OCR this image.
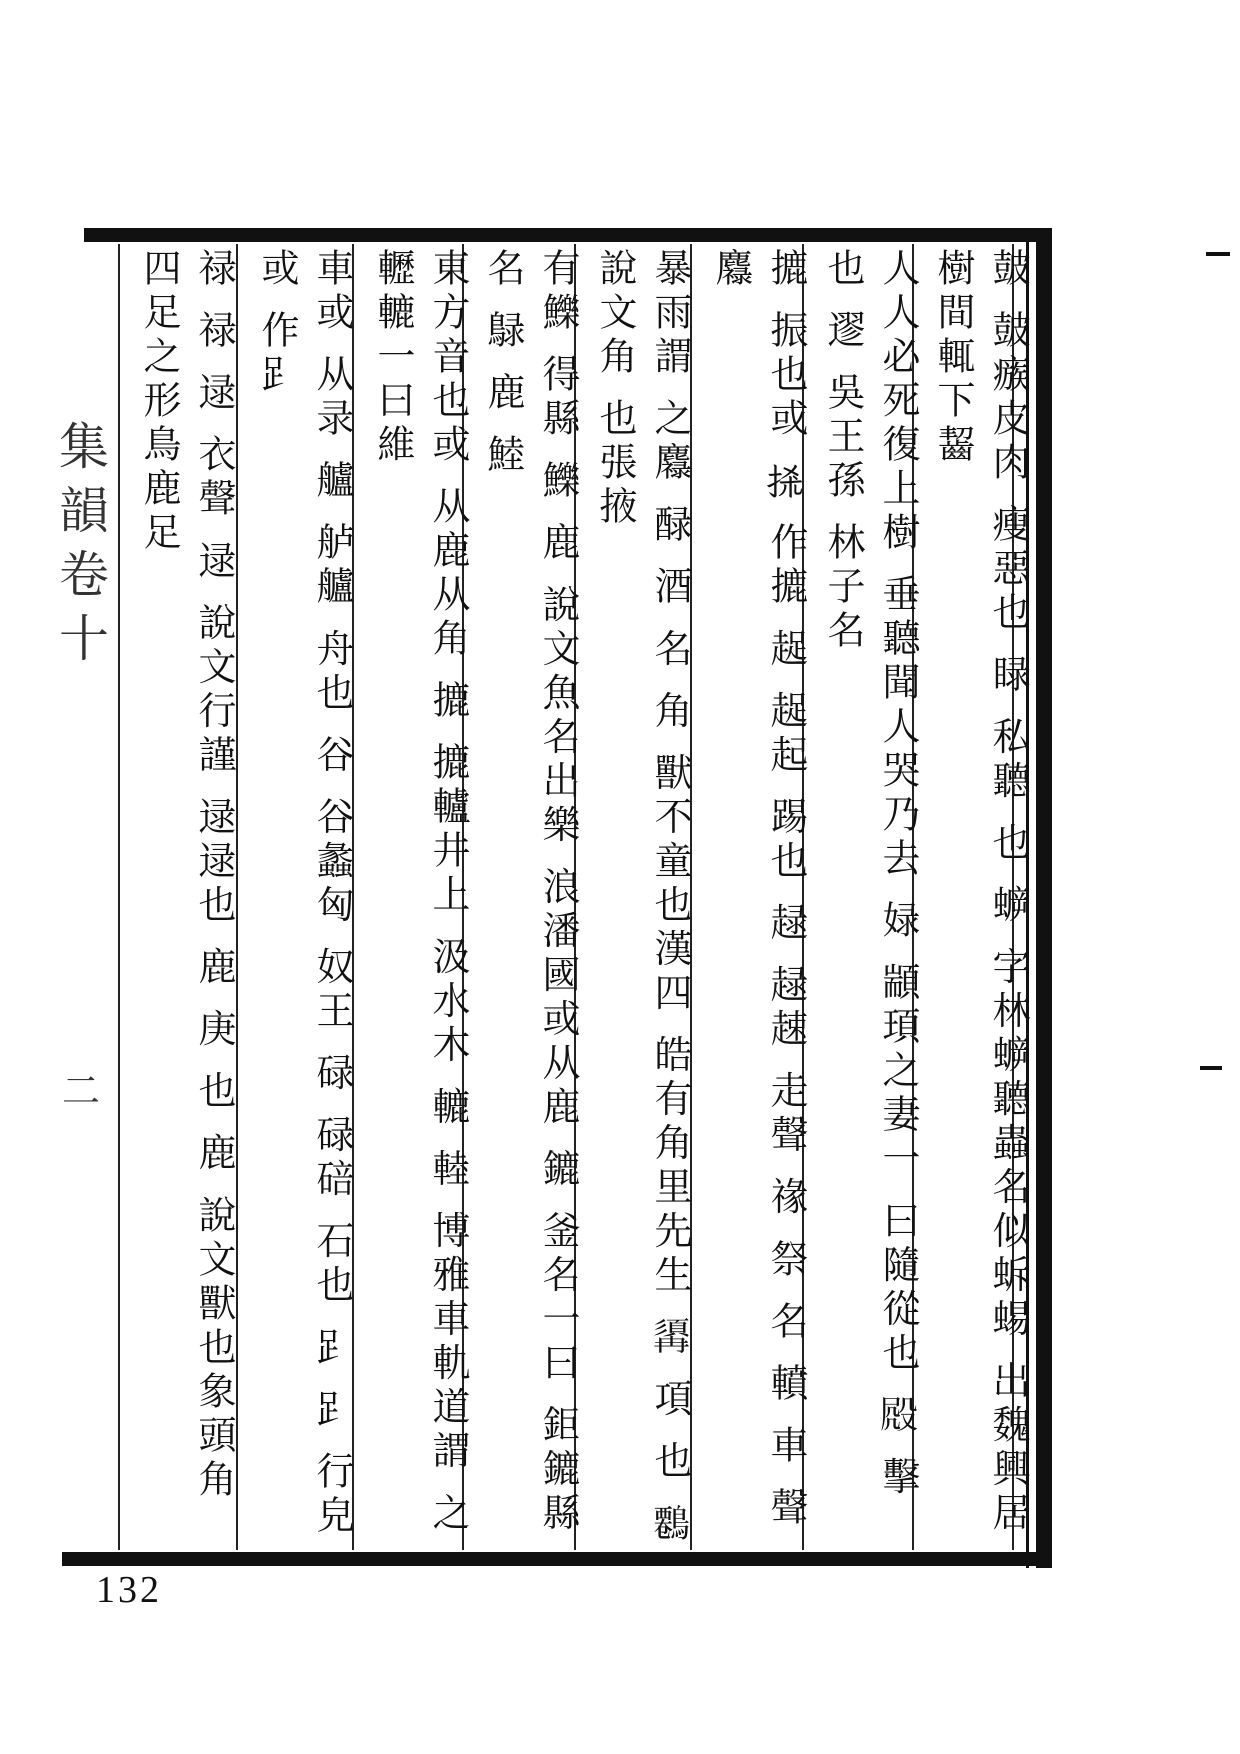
集韻卷十
二	皷 皷瘯皮肉 瘦惡也 睩 私聽 也 蝷 字林蝷聽蟲名似蚸蜴 出魏興居樹間輒下齧
人人必死復上樹 垂聽聞人哭乃去 娽 顓頊之妻一 曰隨從也 𣪍 擊 也 䢧 吳王孫 林子名
摝 振也或 𢫬 作摝 趗 趗起 踢也 趢 趢趚 走聲 禒 祭 名 轒 車 聲 䴪
暴雨謂 之䴪 醁 酒 名 角 獸不童也漢四 皓有角里先生 𩓾 項 也 𪄷 說文角 也張掖
有鱳 得縣 鱳 鹿 說文魚名出樂 浪潘國或从鹿 鏕 釜名一曰 鉅鏕縣名 鵦 鹿 鯥
東方音也或 从鹿从角 摝 摝轤井上 汲水木 轆 䡜 博雅車軌道謂 之轣轆一曰維
車或 从录 艫 舻艫 舟也 谷 谷蠡匈 奴王 碌 碌碚 石也 𧾷 𧾷 行皃或 作𧾷
禄 禄 逯 衣聲 逯 說文行謹 逯逯也 鹿 庚 也 鹿 說文獸也象頭角 四足之形鳥鹿足
132
